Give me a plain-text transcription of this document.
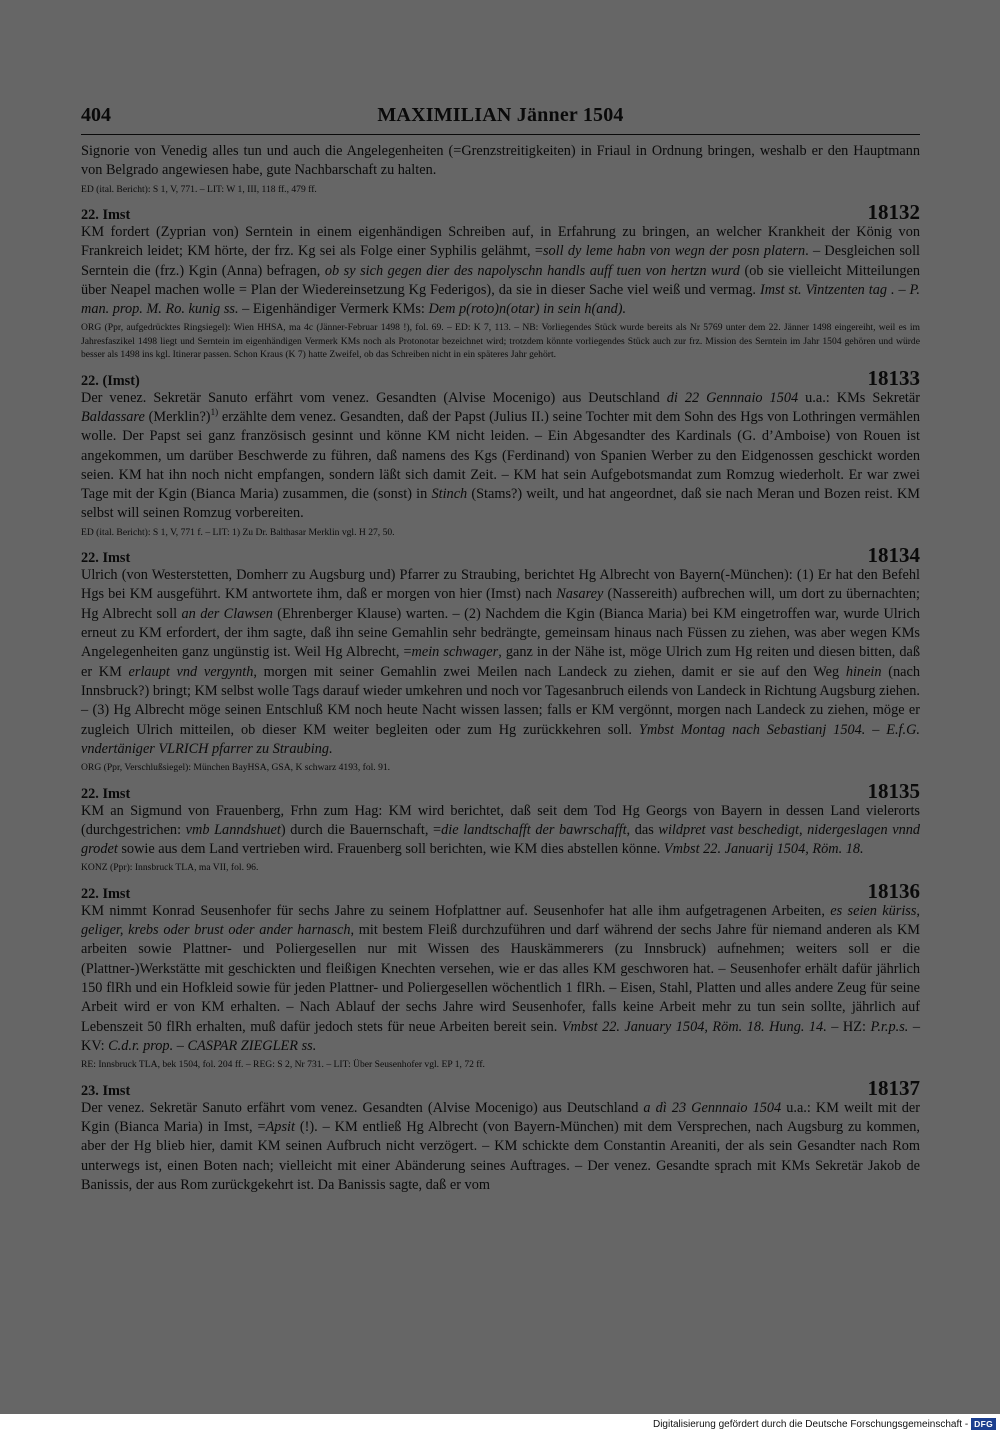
404	MAXIMILIAN Jänner 1504

Signorie von Venedig alles tun und auch die Angelegenheiten (=Grenzstreitigkeiten) in Friaul in Ordnung bringen, weshalb er den Hauptmann von Belgrado angewiesen habe, gute Nachbarschaft zu halten.

ED (ital. Bericht): S 1, V, 771. – LIT: W 1, III, 118 ff., 479 ff.

22. Imst	18132

KM fordert (Zyprian von) Serntein in einem eigenhändigen Schreiben auf, in Erfahrung zu bringen, an welcher Krankheit der König von Frankreich leidet; KM hörte, der frz. Kg sei als Folge einer Syphilis gelähmt, =soll dy leme habn von wegn der posn platern. – Desgleichen soll Serntein die (frz.) Kgin (Anna) befragen, ob sy sich gegen dier des napolyschn handls auff tuen von hertzn wurd (ob sie vielleicht Mitteilungen über Neapel machen wolle = Plan der Wiedereinsetzung Kg Federigos), da sie in dieser Sache viel weiß und vermag. Imst st. Vintzenten tag . – P. man. prop. M. Ro. kunig ss. – Eigenhändiger Vermerk KMs: Dem p(roto)n(otar) in sein h(and).

ORG (Ppr, aufgedrücktes Ringsiegel): Wien HHSA, ma 4c (Jänner-Februar 1498 !), fol. 69. – ED: K 7, 113. – NB: Vorliegendes Stück wurde bereits als Nr 5769 unter dem 22. Jänner 1498 eingereiht, weil es im Jahresfaszikel 1498 liegt und Serntein im eigenhändigen Vermerk KMs noch als Protonotar bezeichnet wird; trotzdem könnte vorliegendes Stück auch zur frz. Mission des Serntein im Jahr 1504 gehören und würde besser als 1498 ins kgl. Itinerar passen. Schon Kraus (K 7) hatte Zweifel, ob das Schreiben nicht in ein späteres Jahr gehört.

22. (Imst)	18133

Der venez. Sekretär Sanuto erfährt vom venez. Gesandten (Alvise Mocenigo) aus Deutschland di 22 Gennnaio 1504 u.a.: KMs Sekretär Baldassare (Merklin?)$^{1)}$ erzählte dem venez. Gesandten, daß der Papst (Julius II.) seine Tochter mit dem Sohn des Hgs von Lothringen vermählen wolle. Der Papst sei ganz französisch gesinnt und könne KM nicht leiden. – Ein Abgesandter des Kardinals (G. d’Amboise) von Rouen ist angekommen, um darüber Beschwerde zu führen, daß namens des Kgs (Ferdinand) von Spanien Werber zu den Eidgenossen geschickt worden seien. KM hat ihn noch nicht empfangen, sondern läßt sich damit Zeit. – KM hat sein Aufgebotsmandat zum Romzug wiederholt. Er war zwei Tage mit der Kgin (Bianca Maria) zusammen, die (sonst) in Stinch (Stams?) weilt, und hat angeordnet, daß sie nach Meran und Bozen reist. KM selbst will seinen Romzug vorbereiten.

ED (ital. Bericht): S 1, V, 771 f. – LIT: 1) Zu Dr. Balthasar Merklin vgl. H 27, 50.

22. Imst	18134

Ulrich (von Westerstetten, Domherr zu Augsburg und) Pfarrer zu Straubing, berichtet Hg Albrecht von Bayern(-München): (1) Er hat den Befehl Hgs bei KM ausgeführt. KM antwortete ihm, daß er morgen von hier (Imst) nach Nasarey (Nassereith) aufbrechen will, um dort zu übernachten; Hg Albrecht soll an der Clawsen (Ehrenberger Klause) warten. – (2) Nachdem die Kgin (Bianca Maria) bei KM eingetroffen war, wurde Ulrich erneut zu KM erfordert, der ihm sagte, daß ihn seine Gemahlin sehr bedrängte, gemeinsam hinaus nach Füssen zu ziehen, was aber wegen KMs Angelegenheiten ganz ungünstig ist. Weil Hg Albrecht, =mein schwager, ganz in der Nähe ist, möge Ulrich zum Hg reiten und diesen bitten, daß er KM erlaupt vnd vergynth, morgen mit seiner Gemahlin zwei Meilen nach Landeck zu ziehen, damit er sie auf den Weg hinein (nach Innsbruck?) bringt; KM selbst wolle Tags darauf wieder umkehren und noch vor Tagesanbruch eilends von Landeck in Richtung Augsburg ziehen. – (3) Hg Albrecht möge seinen Entschluß KM noch heute Nacht wissen lassen; falls er KM vergönnt, morgen nach Landeck zu ziehen, möge er zugleich Ulrich mitteilen, ob dieser KM weiter begleiten oder zum Hg zurückkehren soll. Ymbst Montag nach Sebastianj 1504. – E.f.G. vndertäniger VLRICH pfarrer zu Straubing.

ORG (Ppr, Verschlußsiegel): München BayHSA, GSA, K schwarz 4193, fol. 91.

22. Imst	18135

KM an Sigmund von Frauenberg, Frhn zum Hag: KM wird berichtet, daß seit dem Tod Hg Georgs von Bayern in dessen Land vielerorts (durchgestrichen: vmb Lanndshuet) durch die Bauernschaft, =die landtschafft der bawrschafft, das wildpret vast beschedigt, nidergeslagen vnnd grodet sowie aus dem Land vertrieben wird. Frauenberg soll berichten, wie KM dies abstellen könne. Vmbst 22. Januarij 1504, Röm. 18.

KONZ (Ppr): Innsbruck TLA, ma VII, fol. 96.

22. Imst	18136

KM nimmt Konrad Seusenhofer für sechs Jahre zu seinem Hofplattner auf. Seusenhofer hat alle ihm aufgetragenen Arbeiten, es seien küriss, geliger, krebs oder brust oder ander harnasch, mit bestem Fleiß durchzuführen und darf während der sechs Jahre für niemand anderen als KM arbeiten sowie Plattner- und Poliergesellen nur mit Wissen des Hauskämmerers (zu Innsbruck) aufnehmen; weiters soll er die (Plattner-)Werkstätte mit geschickten und fleißigen Knechten versehen, wie er das alles KM geschworen hat. – Seusenhofer erhält dafür jährlich 150 flRh und ein Hofkleid sowie für jeden Plattner- und Poliergesellen wöchentlich 1 flRh. – Eisen, Stahl, Platten und alles andere Zeug für seine Arbeit wird er von KM erhalten. – Nach Ablauf der sechs Jahre wird Seusenhofer, falls keine Arbeit mehr zu tun sein sollte, jährlich auf Lebenszeit 50 flRh erhalten, muß dafür jedoch stets für neue Arbeiten bereit sein. Vmbst 22. January 1504, Röm. 18. Hung. 14. – HZ: P.r.p.s. – KV: C.d.r. prop. – CASPAR ZIEGLER ss.

RE: Innsbruck TLA, bek 1504, fol. 204 ff. – REG: S 2, Nr 731. – LIT: Über Seusenhofer vgl. EP 1, 72 ff.

23. Imst	18137

Der venez. Sekretär Sanuto erfährt vom venez. Gesandten (Alvise Mocenigo) aus Deutschland a dì 23 Gennnaio 1504 u.a.: KM weilt mit der Kgin (Bianca Maria) in Imst, =Apsit (!). – KM entließ Hg Albrecht (von Bayern-München) mit dem Versprechen, nach Augsburg zu kommen, aber der Hg blieb hier, damit KM seinen Aufbruch nicht verzögert. – KM schickte dem Constantin Areaniti, der als sein Gesandter nach Rom unterwegs ist, einen Boten nach; vielleicht mit einer Abänderung seines Auftrages. – Der venez. Gesandte sprach mit KMs Sekretär Jakob de Banissis, der aus Rom zurückgekehrt ist. Da Banissis sagte, daß er vom

Digitalisierung gefördert durch die Deutsche Forschungsgemeinschaft - DFG
